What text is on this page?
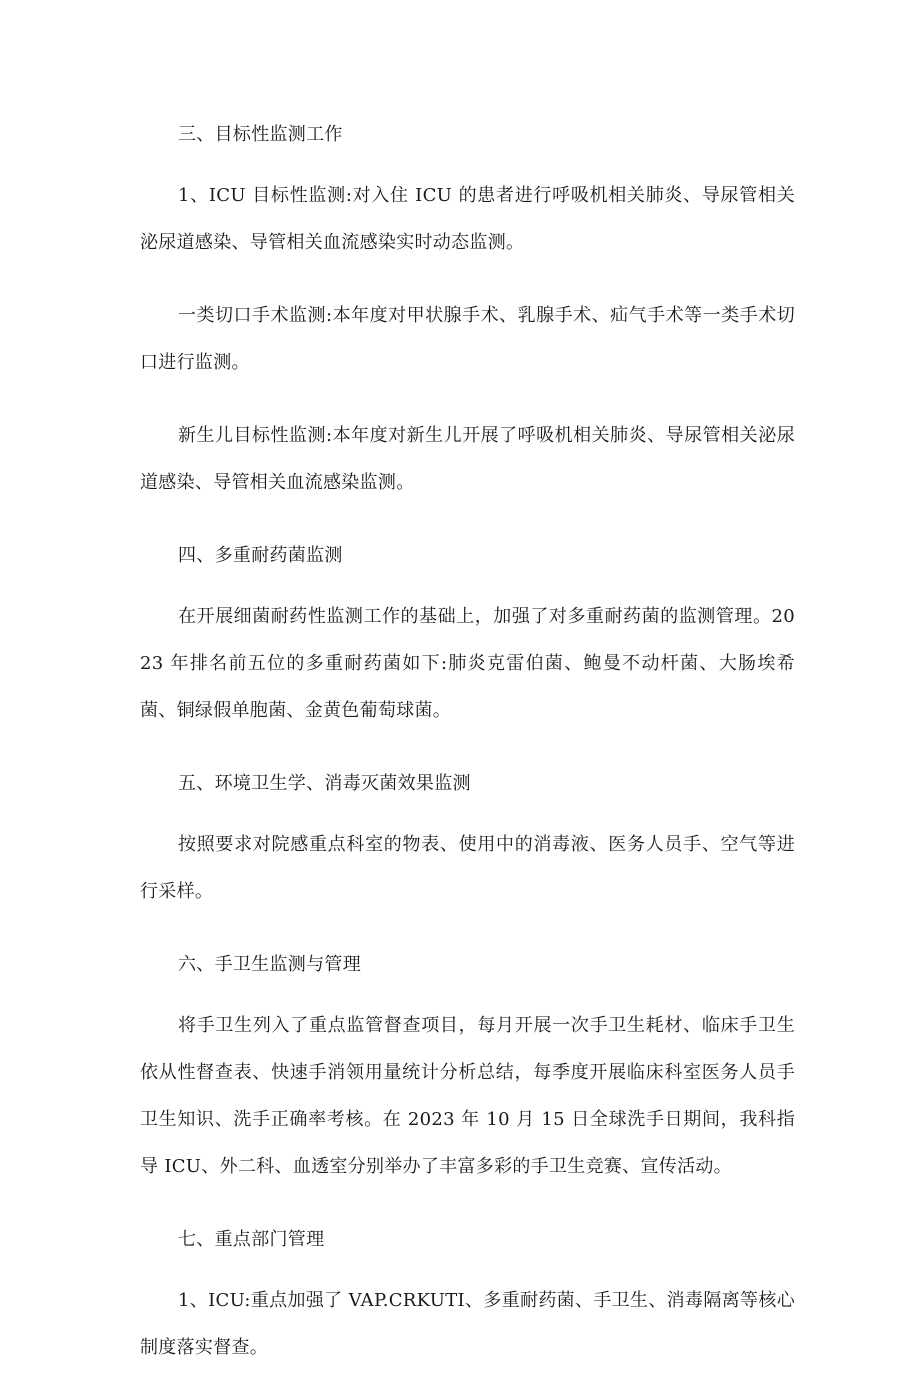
三、目标性监测工作

1、ICU 目标性监测:对入住 ICU 的患者进行呼吸机相关肺炎、导尿管相关泌尿道感染、导管相关血流感染实时动态监测。

一类切口手术监测:本年度对甲状腺手术、乳腺手术、疝气手术等一类手术切口进行监测。

新生儿目标性监测:本年度对新生儿开展了呼吸机相关肺炎、导尿管相关泌尿道感染、导管相关血流感染监测。

四、多重耐药菌监测

在开展细菌耐药性监测工作的基础上，加强了对多重耐药菌的监测管理。2023 年排名前五位的多重耐药菌如下:肺炎克雷伯菌、鲍曼不动杆菌、大肠埃希菌、铜绿假单胞菌、金黄色葡萄球菌。

五、环境卫生学、消毒灭菌效果监测

按照要求对院感重点科室的物表、使用中的消毒液、医务人员手、空气等进行采样。

六、手卫生监测与管理

将手卫生列入了重点监管督查项目，每月开展一次手卫生耗材、临床手卫生依从性督查表、快速手消领用量统计分析总结，每季度开展临床科室医务人员手卫生知识、洗手正确率考核。在 2023 年 10 月 15 日全球洗手日期间，我科指导 ICU、外二科、血透室分别举办了丰富多彩的手卫生竞赛、宣传活动。

七、重点部门管理

1、ICU:重点加强了 VAP.CRKUTI、多重耐药菌、手卫生、消毒隔离等核心制度落实督查。
